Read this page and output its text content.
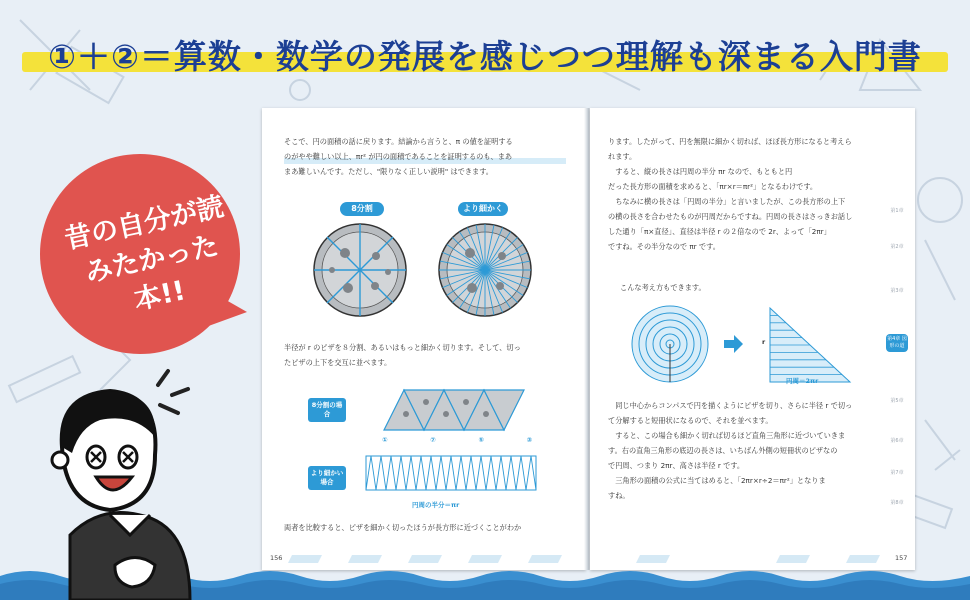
①＋②＝算数・数学の発展を感じつつ理解も深まる入門書
昔の自分が読みたかった本!!
そこで、円の面積の話に戻ります。結論から言うと、π の値を証明する
のがやや難しい以上、πr² が円の面積であることを証明するのも、まあ
まあ難しいんです。ただし、"限りなく正しい説明" はできます。
8分割	より細かく
半径が r のピザを８分割、あるいはもっと細かく切ります。そして、切っ
たピザの上下を交互に並べます。
8分割の場合
①	⑦	⑤	③
より細かい場合
円周の半分＝πr
両者を比較すると、ピザを細かく切ったほうが長方形に近づくことがわか
156
ります。したがって、円を無限に細かく切れば、ほぼ長方形になると考えら
れます。
　すると、縦の長さは円周の半分 πr なので、もともと円
だった長方形の面積を求めると、「πr×r＝πr²」となるわけです。
　ちなみに横の長さは「円周の半分」と言いましたが、この長方形の上下
の横の長さを合わせたものが円周だからですね。円周の長さはさっきお話し
した通り「π×直径」、直径は半径 r の２倍なので 2r、よって「2πr」
ですね。その半分なので πr です。
こんな考え方もできます。
r
円周＝2πr
　同じ中心からコンパスで円を描くようにピザを切り、さらに半径 r で切っ
て分解すると短冊状になるので、それを並べます。
　すると、この場合も細かく切れば切るほど直角三角形に近づいていきま
す。右の直角三角形の底辺の長さは、いちばん外側の短冊状のピザなの
で円周、つまり 2πr、高さは半径 r です。
　三角形の面積の公式に当てはめると、「2πr×r÷2＝πr²」となりま
すね。
第1章
第2章
第3章
第4章 図形の道
第5章
第6章
第7章
第8章
157
